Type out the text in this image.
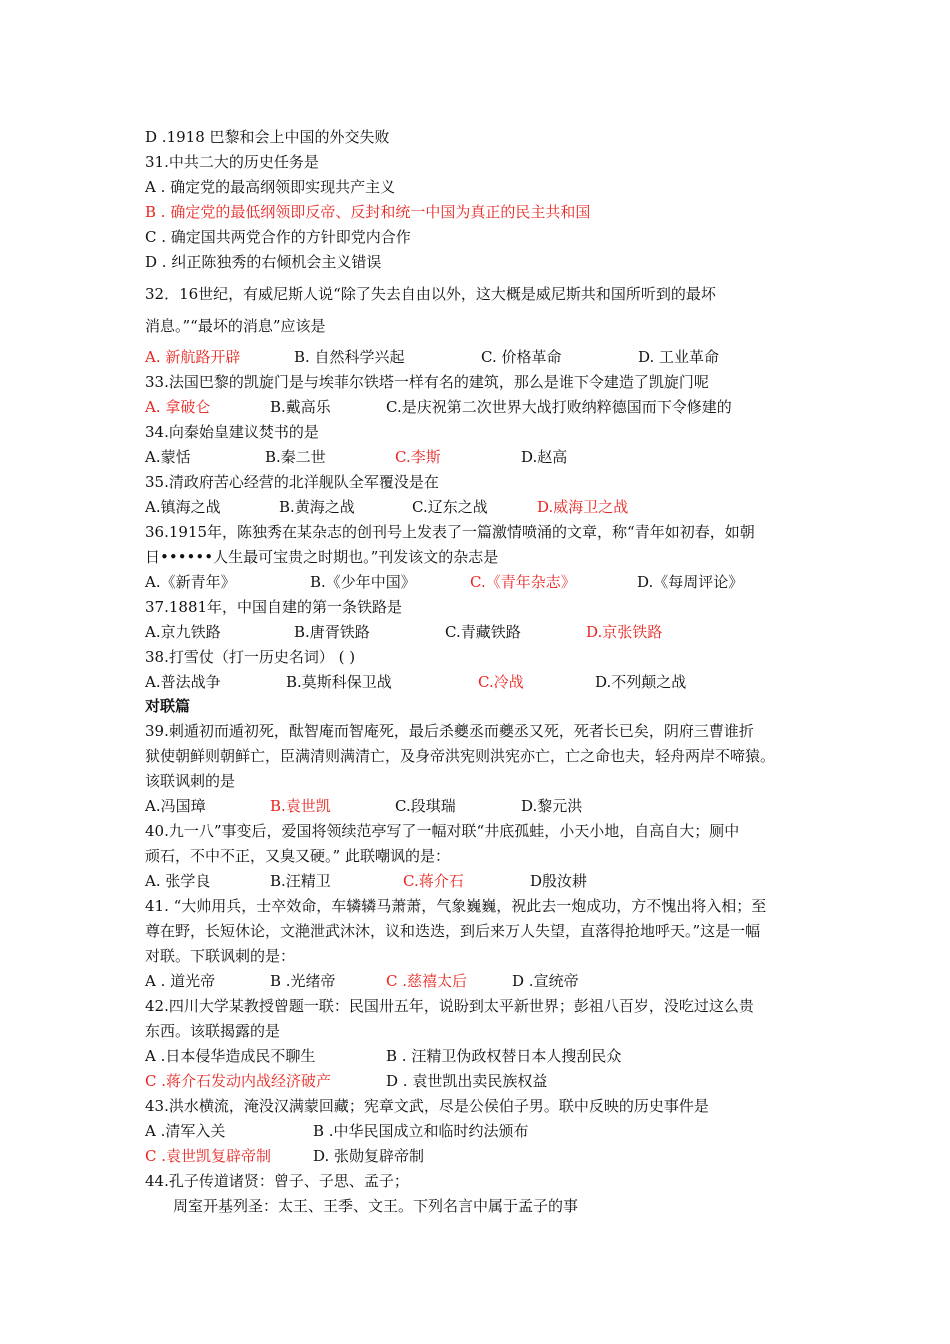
D .1918 巴黎和会上中国的外交失败
31.中共二大的历史任务是
A . 确定党的最高纲领即实现共产主义
B . 确定党的最低纲领即反帝、反封和统一中国为真正的民主共和国
C . 确定国共两党合作的方针即党内合作
D . 纠正陈独秀的右倾机会主义错误
32．16世纪，有威尼斯人说“除了失去自由以外，这大概是威尼斯共和国所听到的最坏
消息。”“最坏的消息”应该是
A. 新航路开辟	B. 自然科学兴起	C. 价格革命	D. 工业革命
33.法国巴黎的凯旋门是与埃菲尔铁塔一样有名的建筑，那么是谁下令建造了凯旋门呢
A. 拿破仑	B.戴高乐	C.是庆祝第二次世界大战打败纳粹德国而下令修建的
34.向秦始皇建议焚书的是
A.蒙恬	B.秦二世	C.李斯	D.赵高
35.清政府苦心经营的北洋舰队全军覆没是在
A.镇海之战	B.黄海之战	C.辽东之战	D.威海卫之战
36.1915年，陈独秀在某杂志的创刊号上发表了一篇激情喷涌的文章，称“青年如初春，如朝
日••••••人生最可宝贵之时期也。”刊发该文的杂志是
A.《新青年》	B.《少年中国》	C.《青年杂志》	D.《每周评论》
37.1881年，中国自建的第一条铁路是
A.京九铁路	B.唐胥铁路	C.青藏铁路	D.京张铁路
38.打雪仗（打一历史名词） ( )
A.普法战争	B.莫斯科保卫战	C.冷战	D.不列颠之战
对联篇
39.刺遁初而遁初死，酞智庵而智庵死，最后杀夔丞而夔丞又死，死者长已矣，阴府三曹谁折
狱使朝鲜则朝鲜亡，臣满清则满清亡，及身帝洪宪则洪宪亦亡，亡之命也夫，轻舟两岸不啼猿。
该联讽刺的是
A.冯国璋	B.袁世凯	C.段琪瑞	D.黎元洪
40.九一八”事变后，爱国将领续范亭写了一幅对联“井底孤蛙，小天小地，自高自大；厕中
顽石，不中不正，又臭又硬。” 此联嘲讽的是：
A. 张学良	B.汪精卫	C.蒋介石	D殷汝耕
41. “大帅用兵，士卒效命，车辚辚马萧萧，气象巍巍，祝此去一炮成功，方不愧出将入相；至
尊在野，长短休论，文滟泄武沐沐，议和迭迭，到后来万人失望，直落得抢地呼天。”这是一幅
对联。下联讽刺的是：
A . 道光帝	B .光绪帝	C .慈禧太后	D .宣统帝
42.四川大学某教授曾题一联：民国卅五年，说盼到太平新世界；彭祖八百岁，没吃过这么贵
东西。该联揭露的是
A .日本侵华造成民不聊生	B . 汪精卫伪政权替日本人搜刮民众
C .蒋介石发动内战经济破产	D . 袁世凯出卖民族权益
43.洪水横流，淹没汉满蒙回藏；宪章文武，尽是公侯伯子男。联中反映的历史事件是
A .清军入关	B .中华民国成立和临时约法颁布
C .袁世凯复辟帝制	D. 张勋复辟帝制
44.孔子传道诸贤：曾子、子思、孟子；
周室开基列圣：太王、王季、文王。下列名言中属于孟子的事
